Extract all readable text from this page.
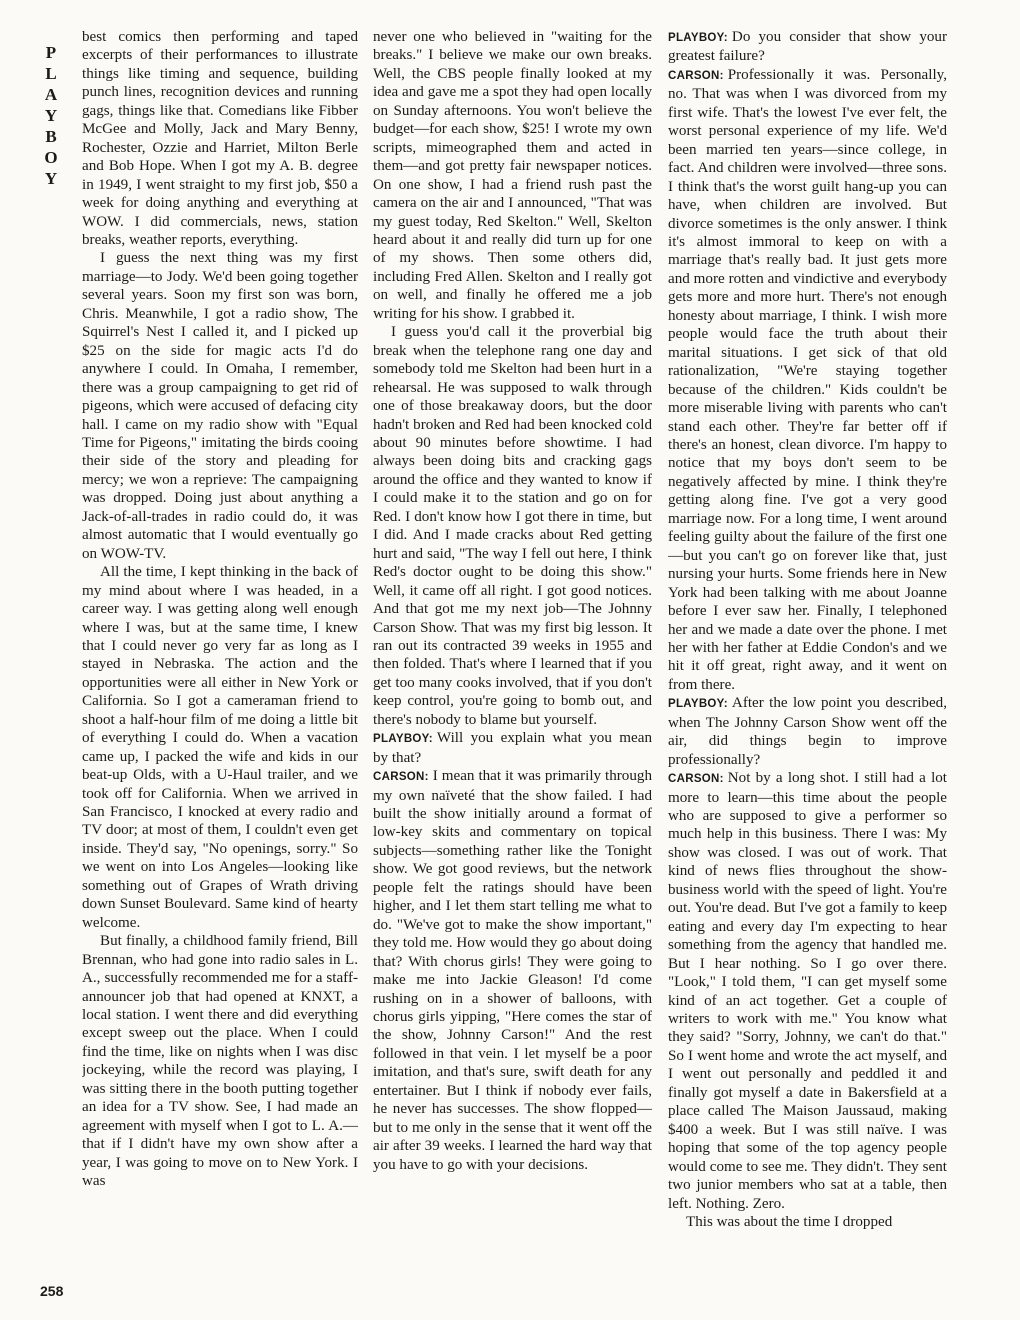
P
L
A
Y
B
O
Y
258

best comics then performing and taped excerpts of their performances to illustrate things like timing and sequence, building punch lines, recognition devices and running gags, things like that. Comedians like Fibber McGee and Molly, Jack and Mary Benny, Rochester, Ozzie and Harriet, Milton Berle and Bob Hope. When I got my A. B. degree in 1949, I went straight to my first job, $50 a week for doing anything and everything at WOW. I did commercials, news, station breaks, weather reports, everything.

I guess the next thing was my first marriage—to Jody. We'd been going together several years. Soon my first son was born, Chris. Meanwhile, I got a radio show, The Squirrel's Nest I called it, and I picked up $25 on the side for magic acts I'd do anywhere I could. In Omaha, I remember, there was a group campaigning to get rid of pigeons, which were accused of defacing city hall. I came on my radio show with "Equal Time for Pigeons," imitating the birds cooing their side of the story and pleading for mercy; we won a reprieve: The campaigning was dropped. Doing just about anything a Jack-of-all-trades in radio could do, it was almost automatic that I would eventually go on WOW-TV.

All the time, I kept thinking in the back of my mind about where I was headed, in a career way. I was getting along well enough where I was, but at the same time, I knew that I could never go very far as long as I stayed in Nebraska. The action and the opportunities were all either in New York or California. So I got a cameraman friend to shoot a half-hour film of me doing a little bit of everything I could do. When a vacation came up, I packed the wife and kids in our beat-up Olds, with a U-Haul trailer, and we took off for California. When we arrived in San Francisco, I knocked at every radio and TV door; at most of them, I couldn't even get inside. They'd say, "No openings, sorry." So we went on into Los Angeles—looking like something out of Grapes of Wrath driving down Sunset Boulevard. Same kind of hearty welcome.

But finally, a childhood family friend, Bill Brennan, who had gone into radio sales in L. A., successfully recommended me for a staff-announcer job that had opened at KNXT, a local station. I went there and did everything except sweep out the place. When I could find the time, like on nights when I was disc jockeying, while the record was playing, I was sitting there in the booth putting together an idea for a TV show. See, I had made an agreement with myself when I got to L. A.—that if I didn't have my own show after a year, I was going to move on to New York. I was

never one who believed in "waiting for the breaks." I believe we make our own breaks. Well, the CBS people finally looked at my idea and gave me a spot they had open locally on Sunday afternoons. You won't believe the budget—for each show, $25! I wrote my own scripts, mimeographed them and acted in them—and got pretty fair newspaper notices. On one show, I had a friend rush past the camera on the air and I announced, "That was my guest today, Red Skelton." Well, Skelton heard about it and really did turn up for one of my shows. Then some others did, including Fred Allen. Skelton and I really got on well, and finally he offered me a job writing for his show. I grabbed it.

I guess you'd call it the proverbial big break when the telephone rang one day and somebody told me Skelton had been hurt in a rehearsal. He was supposed to walk through one of those breakaway doors, but the door hadn't broken and Red had been knocked cold about 90 minutes before showtime. I had always been doing bits and cracking gags around the office and they wanted to know if I could make it to the station and go on for Red. I don't know how I got there in time, but I did. And I made cracks about Red getting hurt and said, "The way I fell out here, I think Red's doctor ought to be doing this show." Well, it came off all right. I got good notices. And that got me my next job—The Johnny Carson Show. That was my first big lesson. It ran out its contracted 39 weeks in 1955 and then folded. That's where I learned that if you get too many cooks involved, that if you don't keep control, you're going to bomb out, and there's nobody to blame but yourself.

PLAYBOY: Will you explain what you mean by that?

CARSON: I mean that it was primarily through my own naïveté that the show failed. I had built the show initially around a format of low-key skits and commentary on topical subjects—something rather like the Tonight show. We got good reviews, but the network people felt the ratings should have been higher, and I let them start telling me what to do. "We've got to make the show important," they told me. How would they go about doing that? With chorus girls! They were going to make me into Jackie Gleason! I'd come rushing on in a shower of balloons, with chorus girls yipping, "Here comes the star of the show, Johnny Carson!" And the rest followed in that vein. I let myself be a poor imitation, and that's sure, swift death for any entertainer. But I think if nobody ever fails, he never has successes. The show flopped—but to me only in the sense that it went off the air after 39 weeks. I learned the hard way that you have to go with your decisions.

PLAYBOY: Do you consider that show your greatest failure?

CARSON: Professionally it was. Personally, no. That was when I was divorced from my first wife. That's the lowest I've ever felt, the worst personal experience of my life. We'd been married ten years—since college, in fact. And children were involved—three sons. I think that's the worst guilt hang-up you can have, when children are involved. But divorce sometimes is the only answer. I think it's almost immoral to keep on with a marriage that's really bad. It just gets more and more rotten and vindictive and everybody gets more and more hurt. There's not enough honesty about marriage, I think. I wish more people would face the truth about their marital situations. I get sick of that old rationalization, "We're staying together because of the children." Kids couldn't be more miserable living with parents who can't stand each other. They're far better off if there's an honest, clean divorce. I'm happy to notice that my boys don't seem to be negatively affected by mine. I think they're getting along fine. I've got a very good marriage now. For a long time, I went around feeling guilty about the failure of the first one—but you can't go on forever like that, just nursing your hurts. Some friends here in New York had been talking with me about Joanne before I ever saw her. Finally, I telephoned her and we made a date over the phone. I met her with her father at Eddie Condon's and we hit it off great, right away, and it went on from there.

PLAYBOY: After the low point you described, when The Johnny Carson Show went off the air, did things begin to improve professionally?

CARSON: Not by a long shot. I still had a lot more to learn—this time about the people who are supposed to give a performer so much help in this business. There I was: My show was closed. I was out of work. That kind of news flies throughout the show-business world with the speed of light. You're out. You're dead. But I've got a family to keep eating and every day I'm expecting to hear something from the agency that handled me. But I hear nothing. So I go over there. "Look," I told them, "I can get myself some kind of an act together. Get a couple of writers to work with me." You know what they said? "Sorry, Johnny, we can't do that." So I went home and wrote the act myself, and I went out personally and peddled it and finally got myself a date in Bakersfield at a place called The Maison Jaussaud, making $400 a week. But I was still naïve. I was hoping that some of the top agency people would come to see me. They didn't. They sent two junior members who sat at a table, then left. Nothing. Zero.

This was about the time I dropped
